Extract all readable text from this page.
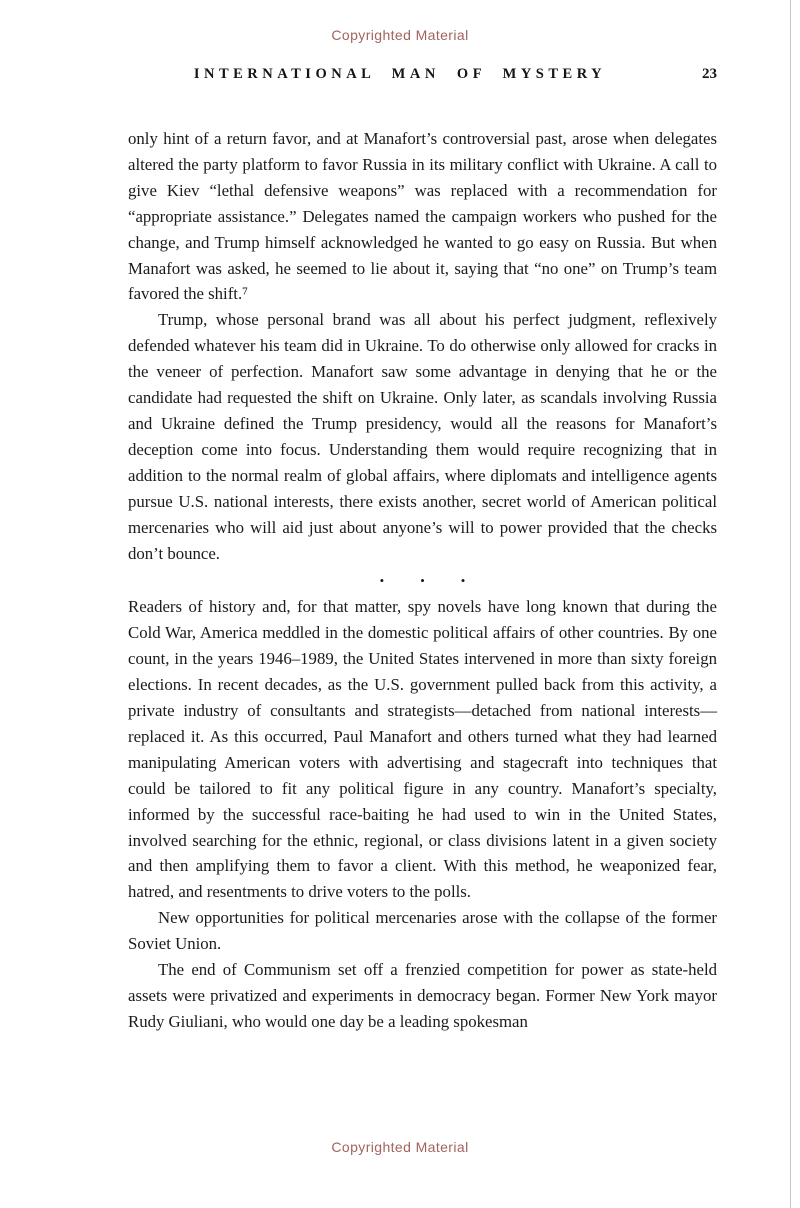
Copyrighted Material
INTERNATIONAL MAN OF MYSTERY	23

only hint of a return favor, and at Manafort’s controversial past, arose when delegates altered the party platform to favor Russia in its military conflict with Ukraine. A call to give Kiev “lethal defensive weapons” was replaced with a recommendation for “appropriate assistance.” Delegates named the campaign workers who pushed for the change, and Trump himself acknowledged he wanted to go easy on Russia. But when Manafort was asked, he seemed to lie about it, saying that “no one” on Trump’s team favored the shift.⁷

Trump, whose personal brand was all about his perfect judgment, reflexively defended whatever his team did in Ukraine. To do otherwise only allowed for cracks in the veneer of perfection. Manafort saw some advantage in denying that he or the candidate had requested the shift on Ukraine. Only later, as scandals involving Russia and Ukraine defined the Trump presidency, would all the reasons for Manafort’s deception come into focus. Understanding them would require recognizing that in addition to the normal realm of global affairs, where diplomats and intelligence agents pursue U.S. national interests, there exists another, secret world of American political mercenaries who will aid just about anyone’s will to power provided that the checks don’t bounce.

•	•	•

Readers of history and, for that matter, spy novels have long known that during the Cold War, America meddled in the domestic political affairs of other countries. By one count, in the years 1946–1989, the United States intervened in more than sixty foreign elections. In recent decades, as the U.S. government pulled back from this activity, a private industry of consultants and strategists—detached from national interests—replaced it. As this occurred, Paul Manafort and others turned what they had learned manipulating American voters with advertising and stagecraft into techniques that could be tailored to fit any political figure in any country. Manafort’s specialty, informed by the successful race-baiting he had used to win in the United States, involved searching for the ethnic, regional, or class divisions latent in a given society and then amplifying them to favor a client. With this method, he weaponized fear, hatred, and resentments to drive voters to the polls.

New opportunities for political mercenaries arose with the collapse of the former Soviet Union.

The end of Communism set off a frenzied competition for power as state-held assets were privatized and experiments in democracy began. Former New York mayor Rudy Giuliani, who would one day be a leading spokesman

Copyrighted Material
